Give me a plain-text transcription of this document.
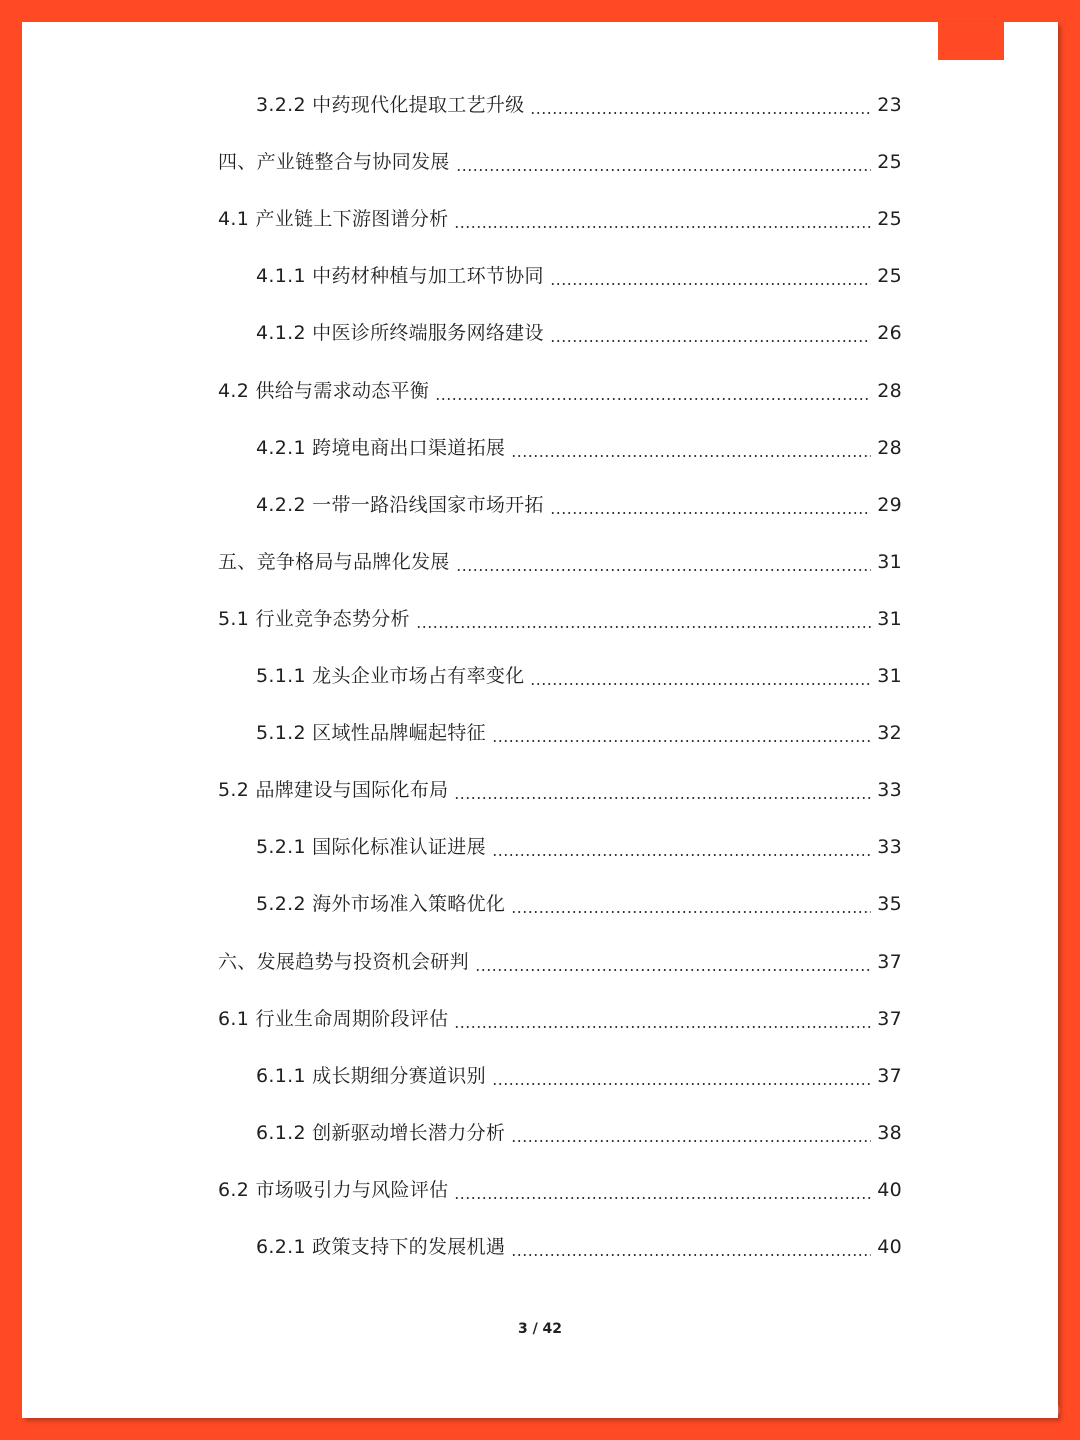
3.2.2 中药现代化提取工艺升级	23
四、产业链整合与协同发展	25
4.1 产业链上下游图谱分析	25
4.1.1 中药材种植与加工环节协同	25
4.1.2 中医诊所终端服务网络建设	26
4.2 供给与需求动态平衡	28
4.2.1 跨境电商出口渠道拓展	28
4.2.2 一带一路沿线国家市场开拓	29
五、竞争格局与品牌化发展	31
5.1 行业竞争态势分析	31
5.1.1 龙头企业市场占有率变化	31
5.1.2 区域性品牌崛起特征	32
5.2 品牌建设与国际化布局	33
5.2.1 国际化标准认证进展	33
5.2.2 海外市场准入策略优化	35
六、发展趋势与投资机会研判	37
6.1 行业生命周期阶段评估	37
6.1.1 成长期细分赛道识别	37
6.1.2 创新驱动增长潜力分析	38
6.2 市场吸引力与风险评估	40
6.2.1 政策支持下的发展机遇	40
3 / 42
